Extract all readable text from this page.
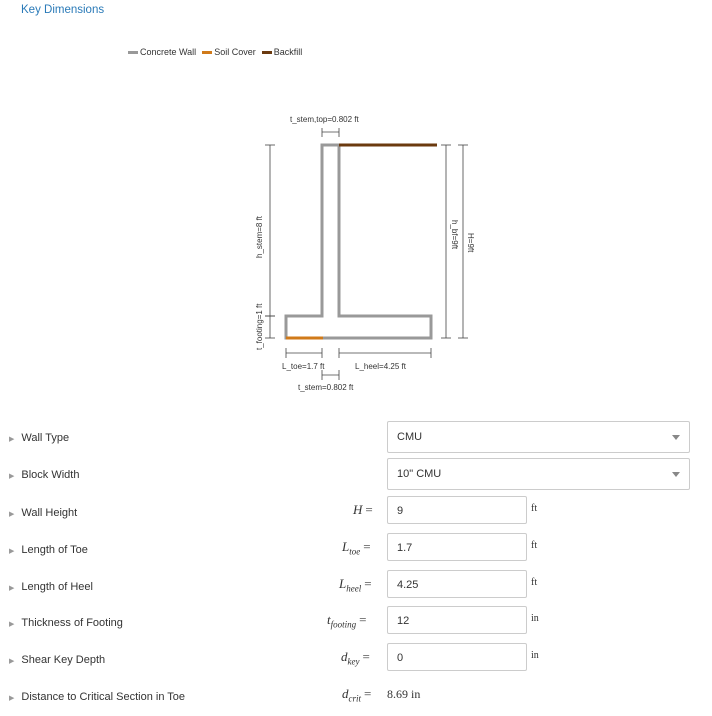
Key Dimensions
Concrete Wall Soil Cover Backfill
t_stem,top=0.802 ft
h_stem=8 ft
t_footing=1 ft
h_bf=9ft H=9ft
L_toe=1.7 ft	L_heel=4.25 ft
t_stem=0.802 ft
▶ Wall Type	CMU
▶ Block Width	10" CMU
▶ Wall Height	H =	9	ft
▶ Length of Toe	$L_{toe}$ =	1.7	ft
▶ Length of Heel	$L_{heel}$ =	4.25	ft
▶ Thickness of Footing	$t_{footing}$ =	12	in
▶ Shear Key Depth	$d_{key}$ =	0	in
▶ Distance to Critical Section in Toe	$d_{crit} = 8.69$ in
